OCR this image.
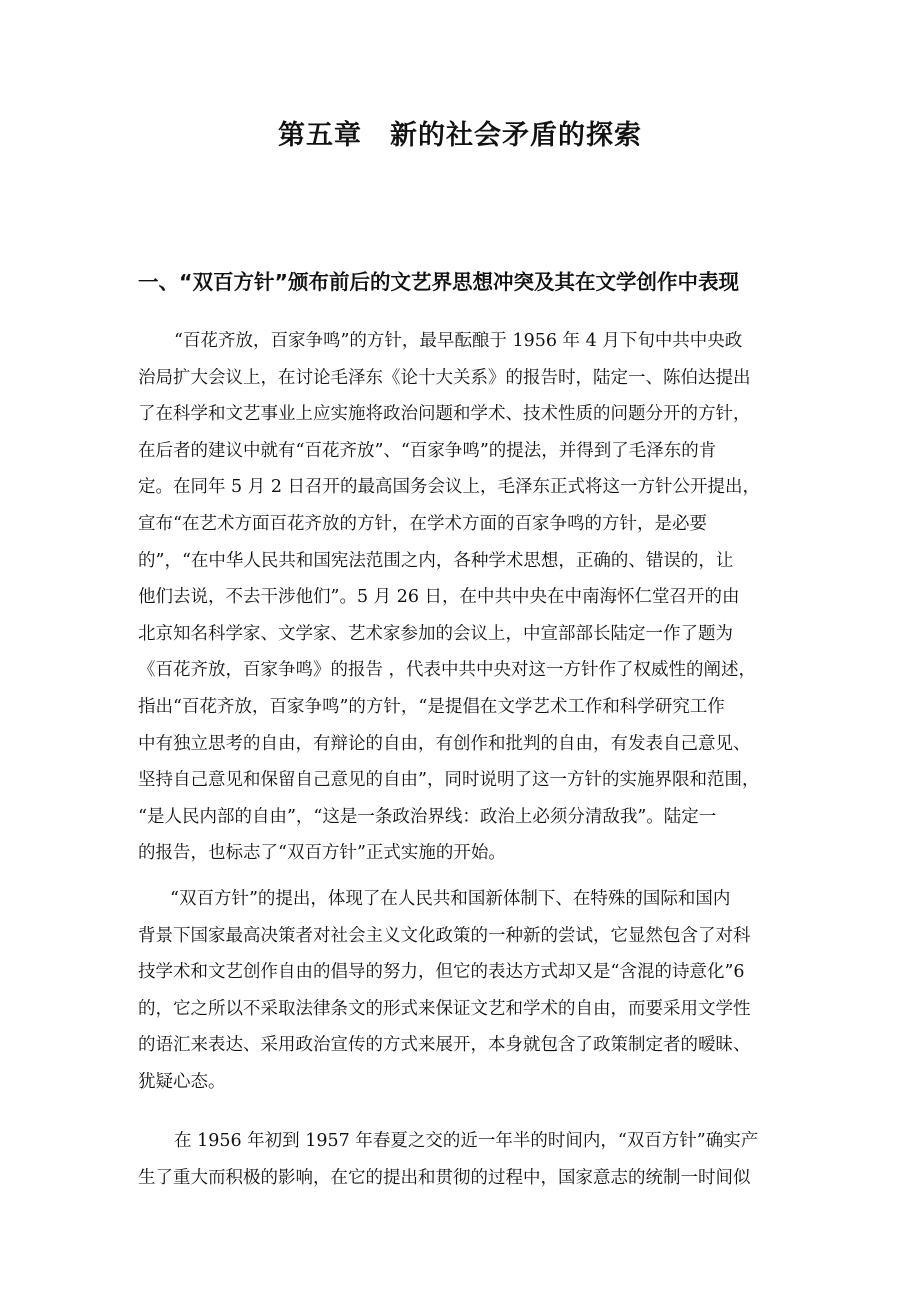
第五章　新的社会矛盾的探索
一、“双百方针”颁布前后的文艺界思想冲突及其在文学创作中表现
“百花齐放，百家争鸣”的方针，最早酝酿于 1956 年 4 月下旬中共中央政
治局扩大会议上，在讨论毛泽东《论十大关系》的报告时，陆定一、陈伯达提出
了在科学和文艺事业上应实施将政治问题和学术、技术性质的问题分开的方针，
在后者的建议中就有“百花齐放”、“百家争鸣”的提法，并得到了毛泽东的肯
定。在同年 5 月 2 日召开的最高国务会议上，毛泽东正式将这一方针公开提出，
宣布“在艺术方面百花齐放的方针，在学术方面的百家争鸣的方针，是必要
的”，“在中华人民共和国宪法范围之内，各种学术思想，正确的、错误的，让
他们去说，不去干涉他们”。5 月 26 日，在中共中央在中南海怀仁堂召开的由
北京知名科学家、文学家、艺术家参加的会议上，中宣部部长陆定一作了题为
《百花齐放，百家争鸣》的报告 ，代表中共中央对这一方针作了权威性的阐述，
指出“百花齐放，百家争鸣”的方针，“是提倡在文学艺术工作和科学研究工作
中有独立思考的自由，有辩论的自由，有创作和批判的自由，有发表自己意见、
坚持自己意见和保留自己意见的自由”，同时说明了这一方针的实施界限和范围，
“是人民内部的自由”，“这是一条政治界线：政治上必须分清敌我”。陆定一
的报告，也标志了“双百方针”正式实施的开始。
“双百方针”的提出，体现了在人民共和国新体制下、在特殊的国际和国内
背景下国家最高决策者对社会主义文化政策的一种新的尝试，它显然包含了对科
技学术和文艺创作自由的倡导的努力，但它的表达方式却又是“含混的诗意化”6
的，它之所以不采取法律条文的形式来保证文艺和学术的自由，而要采用文学性
的语汇来表达、采用政治宣传的方式来展开，本身就包含了政策制定者的暧昧、
犹疑心态。
在 1956 年初到 1957 年春夏之交的近一年半的时间内，“双百方针”确实产
生了重大而积极的影响，在它的提出和贯彻的过程中，国家意志的统制一时间似
